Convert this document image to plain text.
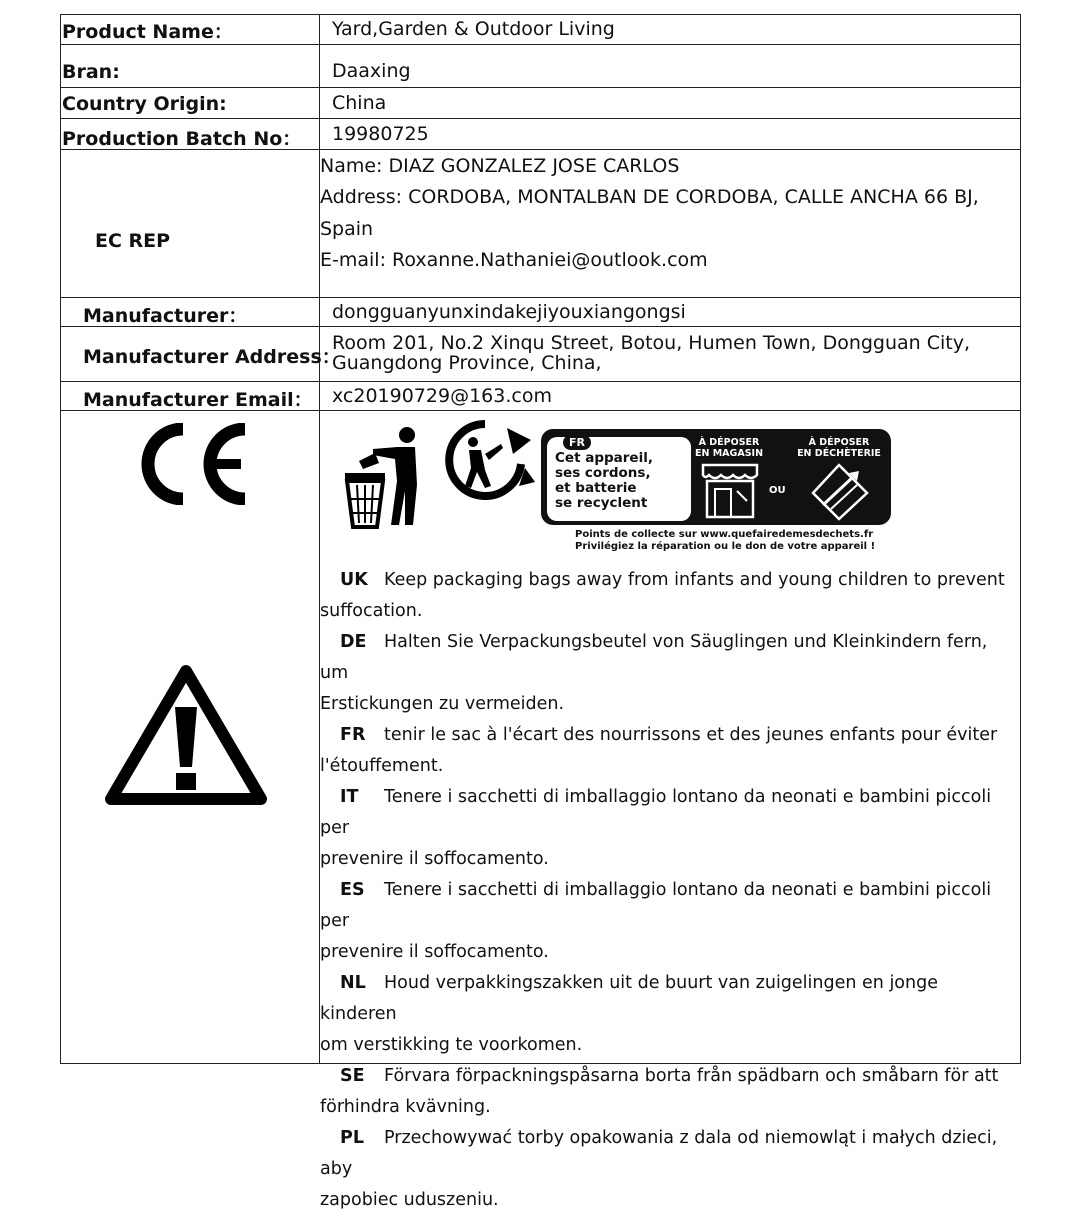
Product Name：	Yard,Garden & Outdoor Living
Bran:	Daaxing
Country Origin:	China
Production Batch No： 19980725
EC REP
Name: DIAZ GONZALEZ JOSE CARLOS
Address: CORDOBA, MONTALBAN DE CORDOBA, CALLE ANCHA 66 BJ,
Spain
E-mail: Roxanne.Nathaniei@outlook.com
Manufacturer：	dongguanyunxindakejiyouxiangongsi
Manufacturer Address：
Room 201, No.2 Xinqu Street, Botou, Humen Town, Dongguan City,
Guangdong Province, China,
Manufacturer Email： xc20190729@163.com
FR
Cet appareil,
ses cordons,
et batterie
se recyclent
À DÉPOSER
EN MAGASIN
OU
À DÉPOSER
EN DÉCHÈTERIE
Points de collecte sur www.quefairedemesdechets.fr
Privilégiez la réparation ou le don de votre appareil !

UK Keep packaging bags away from infants and young children to prevent

suffocation.

DE Halten Sie Verpackungsbeutel von Säuglingen und Kleinkindern fern, um

Erstickungen zu vermeiden.

FR tenir le sac à l'écart des nourrissons et des jeunes enfants pour éviter

l'étouffement.

IT Tenere i sacchetti di imballaggio lontano da neonati e bambini piccoli per

prevenire il soffocamento.

ES Tenere i sacchetti di imballaggio lontano da neonati e bambini piccoli per

prevenire il soffocamento.

NL Houd verpakkingszakken uit de buurt van zuigelingen en jonge kinderen

om verstikking te voorkomen.

SE Förvara förpackningspåsarna borta från spädbarn och småbarn för att

förhindra kvävning.

PL Przechowywać torby opakowania z dala od niemowląt i małych dzieci, aby

zapobiec uduszeniu.
